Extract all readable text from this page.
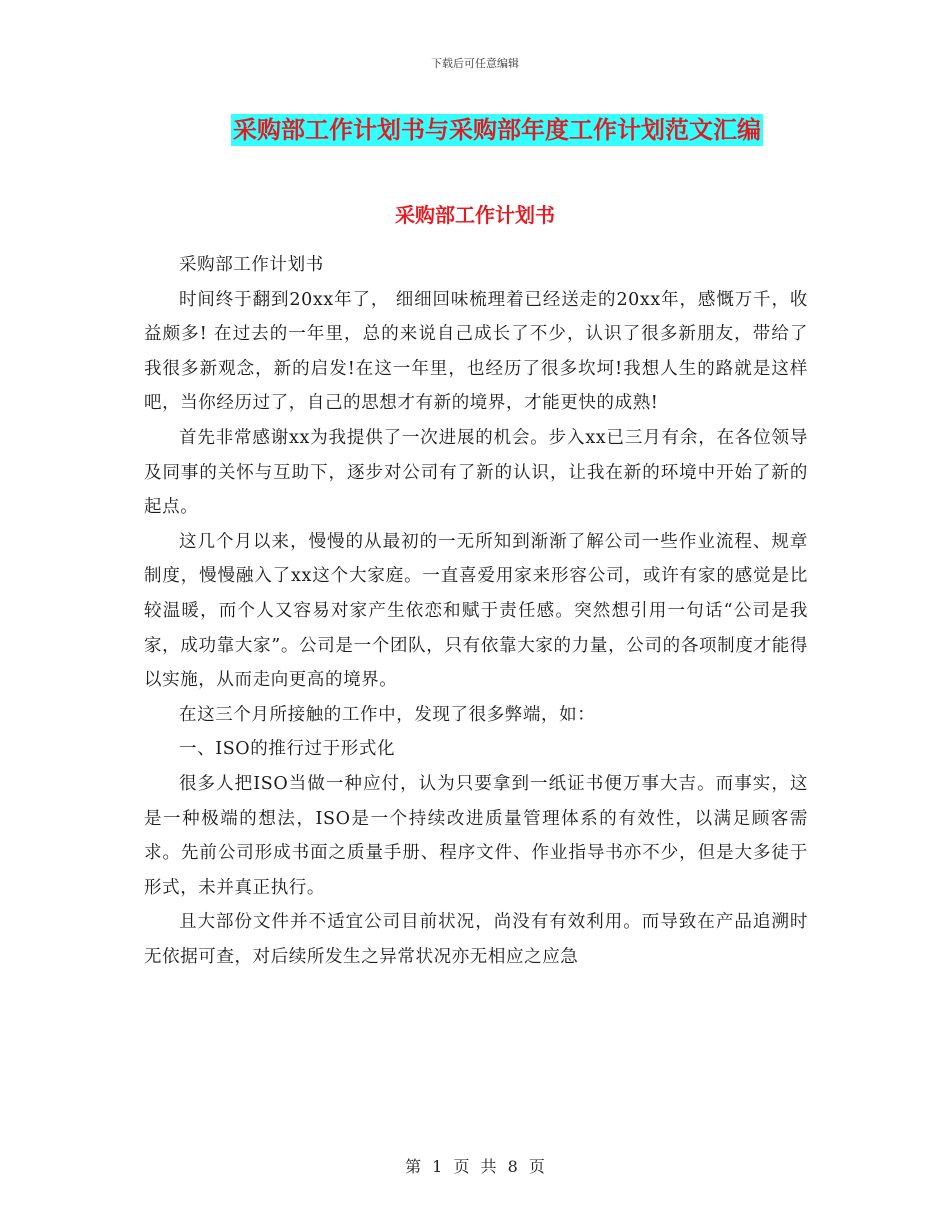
下载后可任意编辑
采购部工作计划书与采购部年度工作计划范文汇编
采购部工作计划书

采购部工作计划书

时间终于翻到20xx年了， 细细回味梳理着已经送走的20xx年，感慨万千，收益颇多! 在过去的一年里，总的来说自己成长了不少，认识了很多新朋友，带给了我很多新观念，新的启发!在这一年里，也经历了很多坎坷!我想人生的路就是这样吧，当你经历过了，自己的思想才有新的境界，才能更快的成熟!

首先非常感谢xx为我提供了一次进展的机会。步入xx已三月有余，在各位领导及同事的关怀与互助下，逐步对公司有了新的认识，让我在新的环境中开始了新的起点。

这几个月以来，慢慢的从最初的一无所知到渐渐了解公司一些作业流程、规章制度，慢慢融入了xx这个大家庭。一直喜爱用家来形容公司，或许有家的感觉是比较温暖，而个人又容易对家产生依恋和赋于责任感。突然想引用一句话“公司是我家，成功靠大家”。公司是一个团队，只有依靠大家的力量，公司的各项制度才能得以实施，从而走向更高的境界。

在这三个月所接触的工作中，发现了很多弊端，如：

一、ISO的推行过于形式化

很多人把ISO当做一种应付，认为只要拿到一纸证书便万事大吉。而事实，这是一种极端的想法，ISO是一个持续改进质量管理体系的有效性，以满足顾客需求。先前公司形成书面之质量手册、程序文件、作业指导书亦不少，但是大多徒于形式，未并真正执行。

且大部份文件并不适宜公司目前状况，尚没有有效利用。而导致在产品追溯时无依据可查，对后续所发生之异常状况亦无相应之应急

第 1 页 共 8 页
